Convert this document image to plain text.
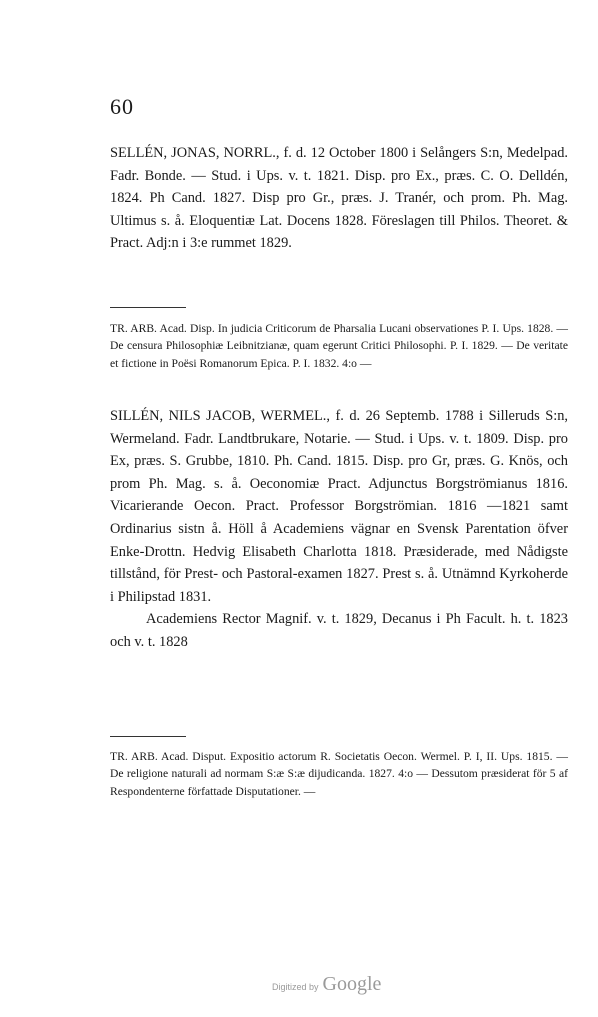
60

SELLÉN, JONAS, NORRL., f. d. 12 October 1800 i Selångers S:n, Medelpad. Fadr. Bonde. — Stud. i Ups. v. t. 1821. Disp. pro Ex., præs. C. O. Delldén, 1824. Ph Cand. 1827. Disp pro Gr., præs. J. Tranér, och prom. Ph. Mag. Ultimus s. å. Eloquentiæ Lat. Docens 1828. Föreslagen till Philos. Theoret. & Pract. Adj:n i 3:e rummet 1829.

TR. ARB. Acad. Disp. In judicia Criticorum de Pharsalia Lucani observationes P. I. Ups. 1828. — De censura Philosophiæ Leibnitzianæ, quam egerunt Critici Philosophi. P. I. 1829. — De veritate et fictione in Poësi Romanorum Epica. P. I. 1832. 4:o —

SILLÉN, NILS JACOB, WERMEL., f. d. 26 Septemb. 1788 i Silleruds S:n, Wermeland. Fadr. Landtbrukare, Notarie. — Stud. i Ups. v. t. 1809. Disp. pro Ex, præs. S. Grubbe, 1810. Ph. Cand. 1815. Disp. pro Gr, præs. G. Knös, och prom Ph. Mag. s. å. Oeconomiæ Pract. Adjunctus Borgströmianus 1816. Vicarierande Oecon. Pract. Professor Borgströmian. 1816 —1821 samt Ordinarius sistn å. Höll å Academiens vägnar en Svensk Parentation öfver Enke-Drottn. Hedvig Elisabeth Charlotta 1818. Præsiderade, med Nådigste tillstånd, för Prest- och Pastoral-examen 1827. Prest s. å. Utnämnd Kyrkoherde i Philipstad 1831.

Academiens Rector Magnif. v. t. 1829, Decanus i Ph Facult. h. t. 1823 och v. t. 1828

TR. ARB. Acad. Disput. Expositio actorum R. Societatis Oecon. Wermel. P. I, II. Ups. 1815. — De religione naturali ad normam S:æ S:æ dijudicanda. 1827. 4:o — Dessutom præsiderat för 5 af Respondenterne författade Disputationer. —

Digitized by Google
